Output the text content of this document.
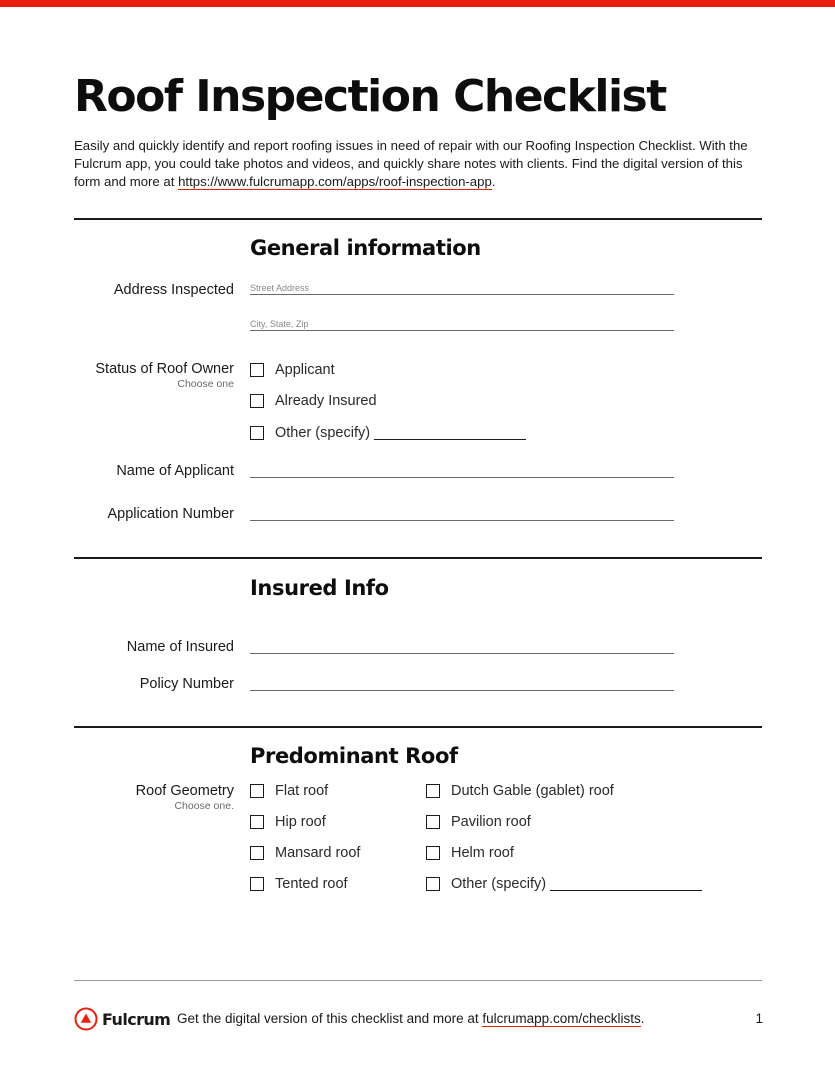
Roof Inspection Checklist

Easily and quickly identify and report roofing issues in need of repair with our Roofing Inspection Checklist. With the Fulcrum app, you could take photos and videos, and quickly share notes with clients. Find the digital version of this form and more at https://www.fulcrumapp.com/apps/roof-inspection-app.

General information
Address Inspected Street Address
City, State, Zip
Status of Roof Owner
Choose one
Applicant
Already Insured
Other (specify)
Name of Applicant
Application Number
Insured Info
Name of Insured
Policy Number
Predominant Roof
Roof Geometry
Choose one.
Flat roof
Hip roof
Mansard roof
Tented roof
Dutch Gable (gablet) roof
Pavilion roof
Helm roof
Other (specify)
Fulcrum Get the digital version of this checklist and more at fulcrumapp.com/checklists.	1
